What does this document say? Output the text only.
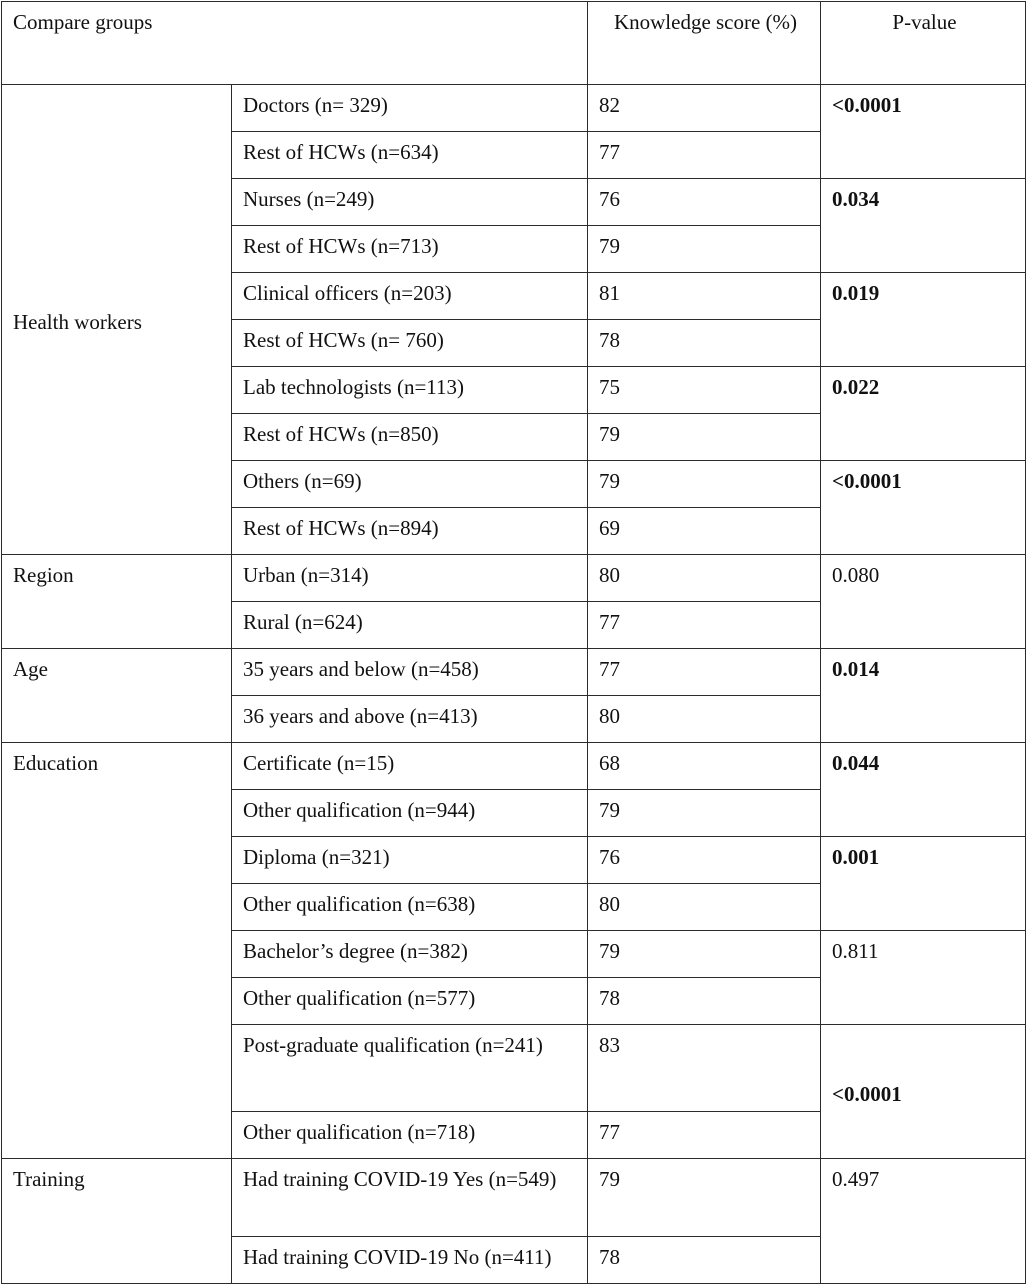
Compare groups		Knowledge score (%)	P-value
Health workers	Doctors (n= 329)	82	<0.0001
	Rest of HCWs (n=634)	77	
	Nurses (n=249)	76	0.034
	Rest of HCWs (n=713)	79	
	Clinical officers (n=203)	81	0.019
	Rest of HCWs (n= 760)	78	
	Lab technologists (n=113)	75	0.022
	Rest of HCWs (n=850)	79	
	Others (n=69)	79	<0.0001
	Rest of HCWs (n=894)	69	
Region	Urban (n=314)	80	0.080
	Rural (n=624)	77	
Age	35 years and below (n=458)	77	0.014
	36 years and above (n=413)	80	
Education	Certificate (n=15)	68	0.044
	Other qualification (n=944)	79	
	Diploma (n=321)	76	0.001
	Other qualification (n=638)	80	
	Bachelor’s degree (n=382)	79	0.811
	Other qualification (n=577)	78	
	Post-graduate qualification (n=241)	83	<0.0001
	Other qualification (n=718)	77	
Training	Had training COVID-19 Yes (n=549)	79	0.497
	Had training COVID-19 No (n=411)	78	
